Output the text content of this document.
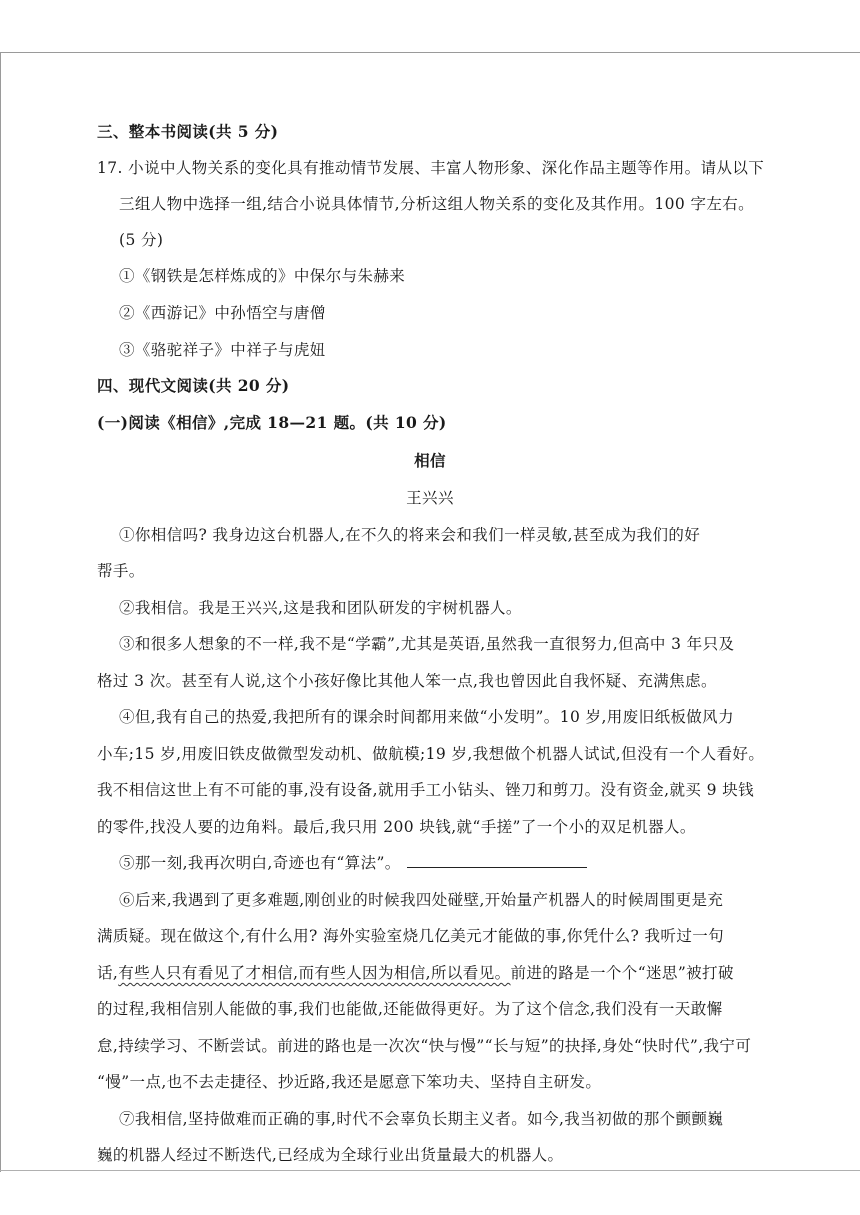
三、整本书阅读(共 5 分)
17. 小说中人物关系的变化具有推动情节发展、丰富人物形象、深化作品主题等作用。请从以下
三组人物中选择一组,结合小说具体情节,分析这组人物关系的变化及其作用。100 字左右。
(5 分)
①《钢铁是怎样炼成的》中保尔与朱赫来
②《西游记》中孙悟空与唐僧
③《骆驼祥子》中祥子与虎妞
四、现代文阅读(共 20 分)
(一)阅读《相信》,完成 18—21 题。(共 10 分)
相信
王兴兴
①你相信吗? 我身边这台机器人,在不久的将来会和我们一样灵敏,甚至成为我们的好
帮手。
②我相信。我是王兴兴,这是我和团队研发的宇树机器人。
③和很多人想象的不一样,我不是“学霸”,尤其是英语,虽然我一直很努力,但高中 3 年只及
格过 3 次。甚至有人说,这个小孩好像比其他人笨一点,我也曾因此自我怀疑、充满焦虑。
④但,我有自己的热爱,我把所有的课余时间都用来做“小发明”。10 岁,用废旧纸板做风力
小车;15 岁,用废旧铁皮做微型发动机、做航模;19 岁,我想做个机器人试试,但没有一个人看好。
我不相信这世上有不可能的事,没有设备,就用手工小钻头、锉刀和剪刀。没有资金,就买 9 块钱
的零件,找没人要的边角料。最后,我只用 200 块钱,就“手搓”了一个小的双足机器人。
⑤那一刻,我再次明白,奇迹也有“算法”。
⑥后来,我遇到了更多难题,刚创业的时候我四处碰壁,开始量产机器人的时候周围更是充
满质疑。现在做这个,有什么用? 海外实验室烧几亿美元才能做的事,你凭什么? 我听过一句
话,有些人只有看见了才相信,而有些人因为相信,所以看见。前进的路是一个个“迷思”被打破
的过程,我相信别人能做的事,我们也能做,还能做得更好。为了这个信念,我们没有一天敢懈
怠,持续学习、不断尝试。前进的路也是一次次“快与慢”“长与短”的抉择,身处“快时代”,我宁可
“慢”一点,也不去走捷径、抄近路,我还是愿意下笨功夫、坚持自主研发。
⑦我相信,坚持做难而正确的事,时代不会辜负长期主义者。如今,我当初做的那个颤颤巍
巍的机器人经过不断迭代,已经成为全球行业出货量最大的机器人。
